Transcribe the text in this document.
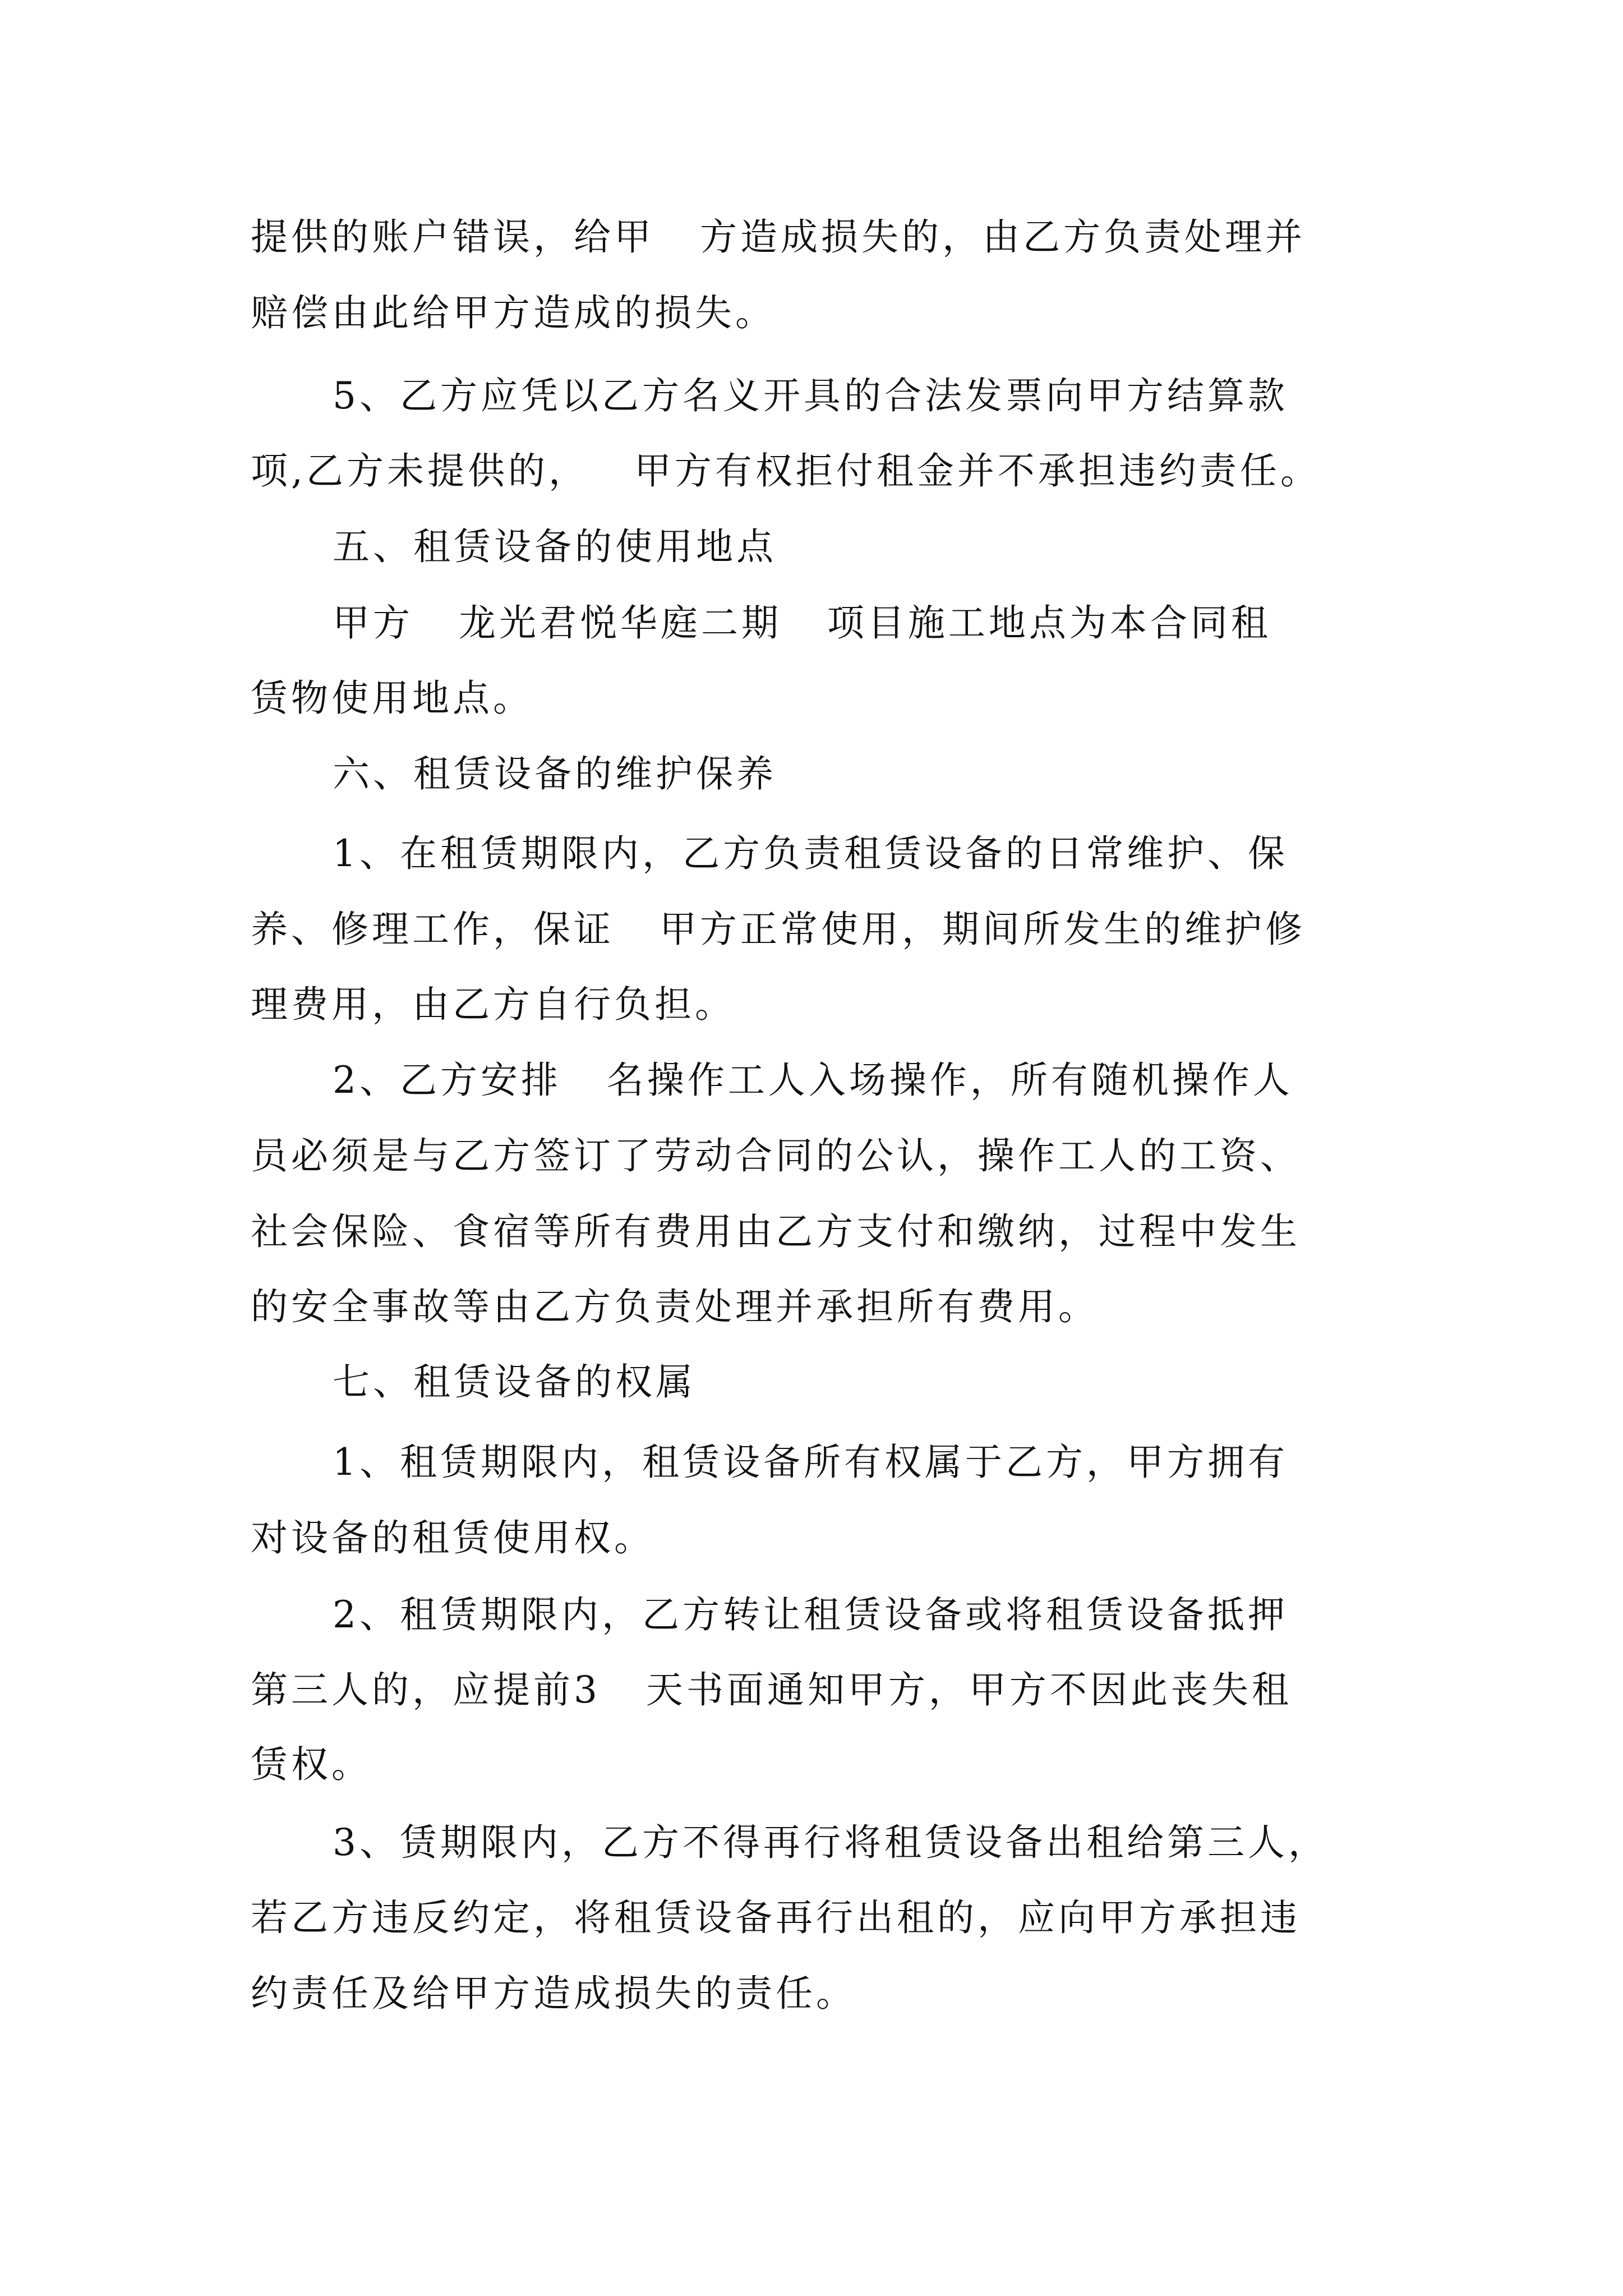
提供的账户错误，给甲   方造成损失的，由乙方负责处理并

赔偿由此给甲方造成的损失。

5、乙方应凭以乙方名义开具的合法发票向甲方结算款

项,乙方未提供的，   甲方有权拒付租金并不承担违约责任。

五、租赁设备的使用地点

甲方   龙光君悦华庭二期   项目施工地点为本合同租

赁物使用地点。

六、租赁设备的维护保养

1、在租赁期限内，乙方负责租赁设备的日常维护、保

养、修理工作，保证   甲方正常使用，期间所发生的维护修

理费用，由乙方自行负担。

2、乙方安排   名操作工人入场操作，所有随机操作人

员必须是与乙方签订了劳动合同的公认，操作工人的工资、

社会保险、食宿等所有费用由乙方支付和缴纳，过程中发生

的安全事故等由乙方负责处理并承担所有费用。

七、租赁设备的权属

1、租赁期限内，租赁设备所有权属于乙方，甲方拥有

对设备的租赁使用权。

2、租赁期限内，乙方转让租赁设备或将租赁设备抵押

第三人的，应提前3   天书面通知甲方，甲方不因此丧失租

赁权。

3、赁期限内，乙方不得再行将租赁设备出租给第三人，

若乙方违反约定，将租赁设备再行出租的，应向甲方承担违

约责任及给甲方造成损失的责任。
